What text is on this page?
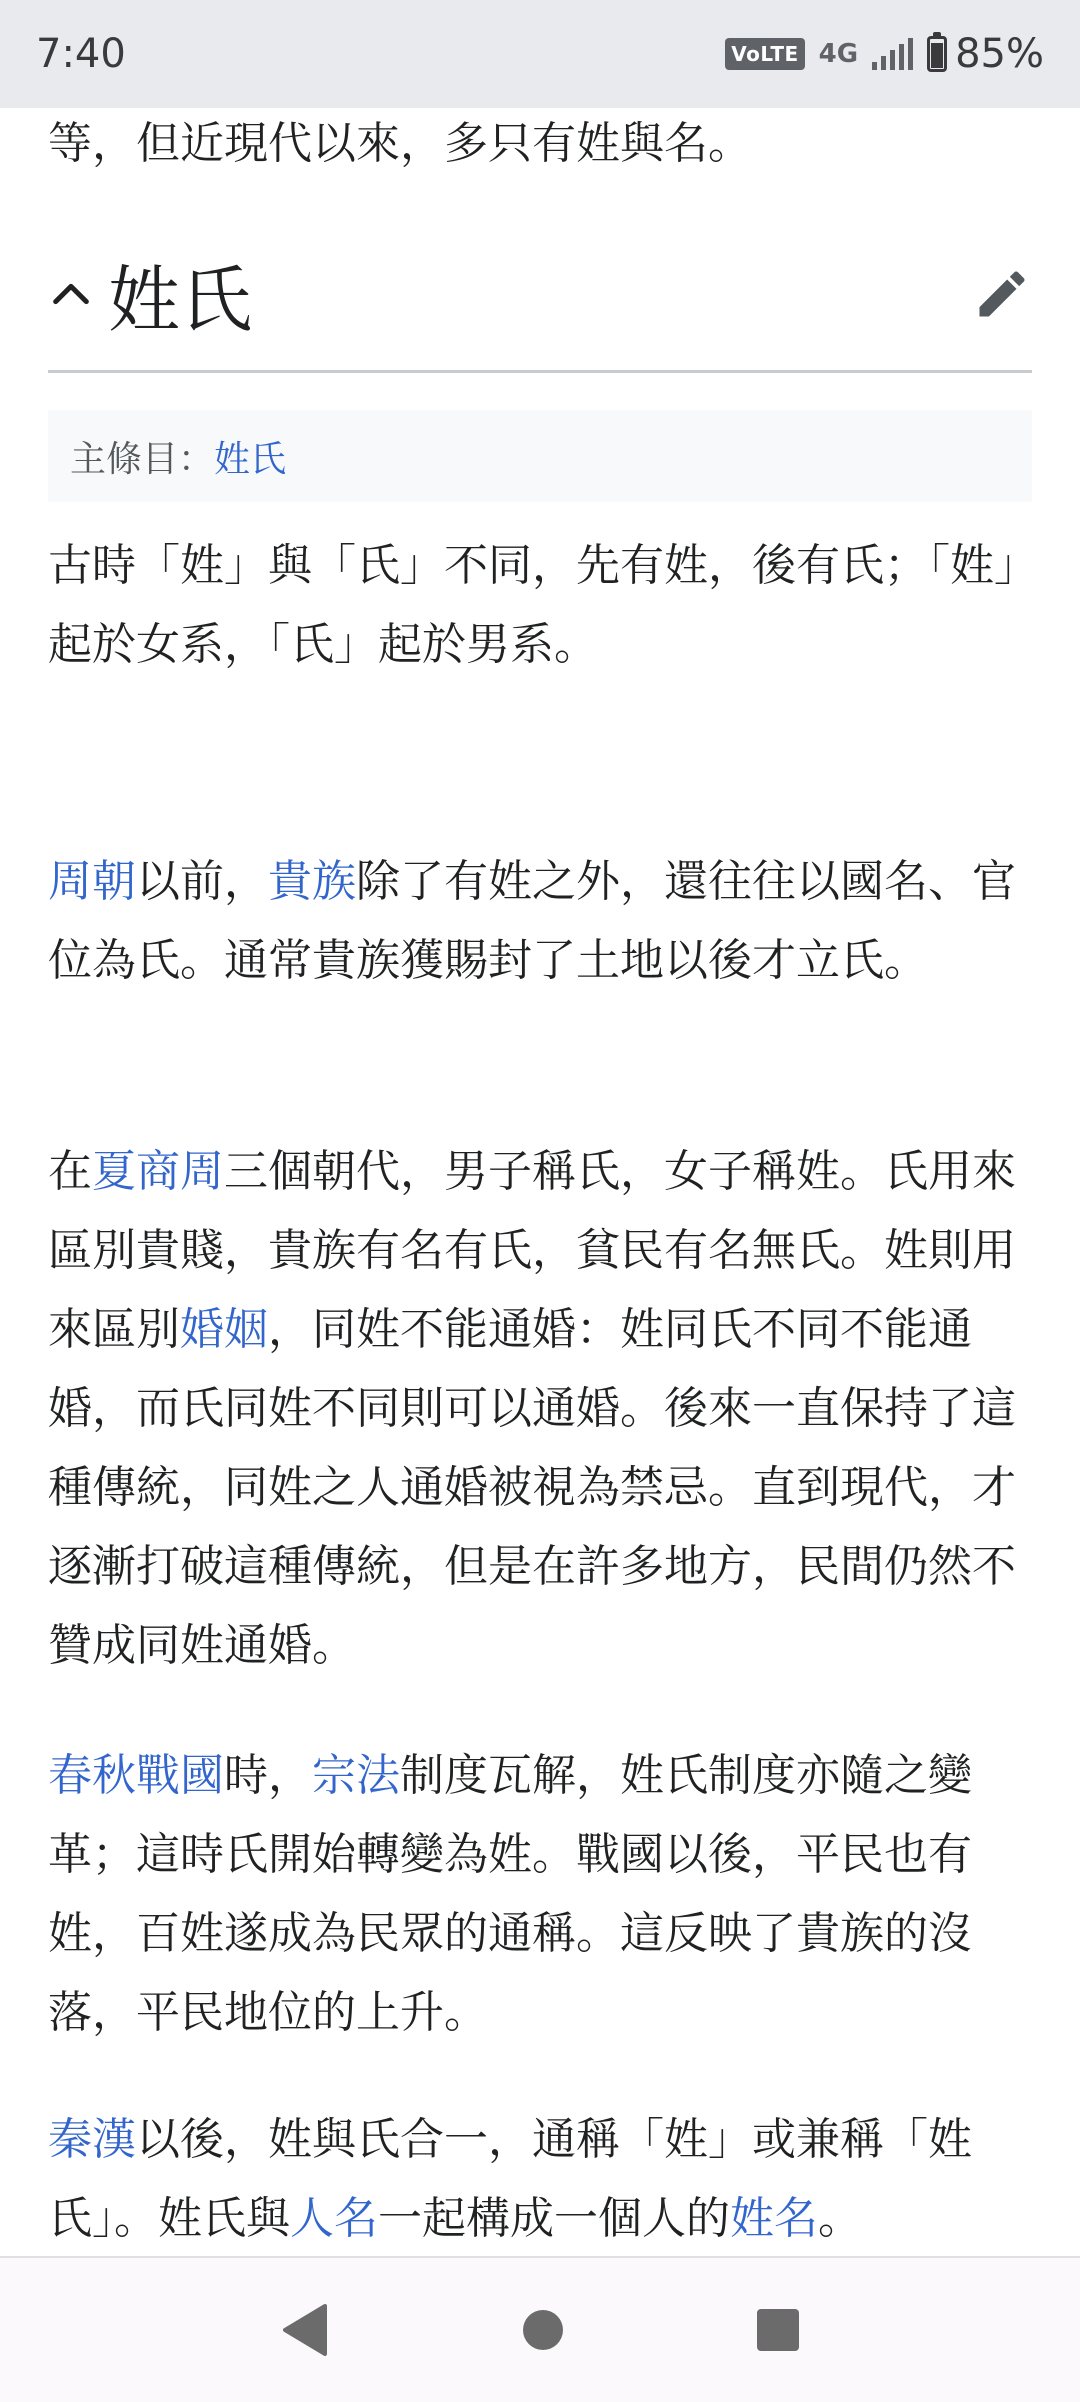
7:40	VoLTE 4G 85%

等，但近現代以來，多只有姓與名。

姓氏
主條目： 姓氏

古時「姓」與「氏」不同，先有姓，後有氏；「姓」起於女系，「氏」起於男系。

周朝以前，貴族除了有姓之外，還往往以國名、官位為氏。通常貴族獲賜封了土地以後才立氏。

在夏商周三個朝代，男子稱氏，女子稱姓。氏用來區別貴賤，貴族有名有氏，貧民有名無氏。姓則用來區別婚姻，同姓不能通婚：姓同氏不同不能通婚，而氏同姓不同則可以通婚。後來一直保持了這種傳統，同姓之人通婚被視為禁忌。直到現代，才逐漸打破這種傳統，但是在許多地方，民間仍然不贊成同姓通婚。

春秋戰國時，宗法制度瓦解，姓氏制度亦隨之變革；這時氏開始轉變為姓。戰國以後，平民也有姓，百姓遂成為民眾的通稱。這反映了貴族的沒落，平民地位的上升。

秦漢以後，姓與氏合一，通稱「姓」或兼稱「姓氏」。姓氏與人名一起構成一個人的姓名。
